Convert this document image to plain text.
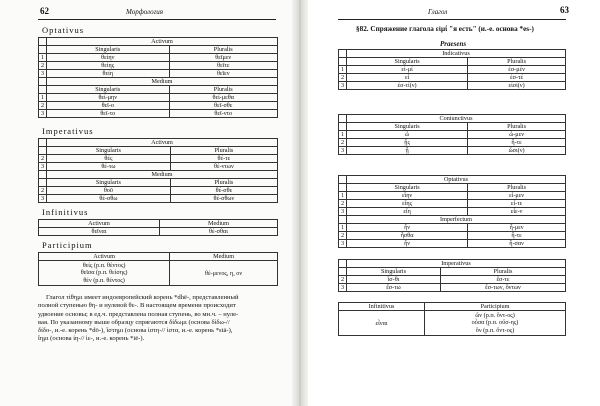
62	Морфология
Optativus
	Activum	
	Singularis	Pluralis
1	θείην	θεῖμεν
2	θείης	θεῖτε
3	θείη	θεῖεν
	Medium	
	Singularis	Pluralis
1	θεί-μην	θεί-μεθα
2	θεῖ-ο	θεῖ-σθε
3	θεῖ-το	θεῖ-ντο
Imperativus
	Activum	
	Singularis	Pluralis
2	θές	θέ-τε
3	θέ-τω	θέ-ντων
	Medium	
	Singularis	Pluralis
2	θοῦ	θέ-σθε
3	θέ-σθω	θέ-σθων
Infinitivus
Activum	Medium
θεῖναι	θέ-σθαι
Participium
Activum	Medium

θείς (р.п. θέντος)
θεῖσα (р.п. θείσης)
θέν (р.п. θέντος)	θέ-μενος, η, ον
Глагол τίθημι имеет индоевропейский корень *dhē-, представленный
полной ступенью θη- и нулевой θε-. В настоящем времени происходит
удвоение основы; в ед.ч. представлена полная ступень, во мн.ч. – нуле-
вая. По указанному выше образцу спрягаются δίδωμι (основа δίδω-//
δίδο-, и.-е. корень *dō-), ἵστημι (основа ἱστη-// ἱστα, и.-е. корень *stā-),
ἵημι (основа ἱη-// ἱε-, и.-е. корень *iē-).
Глагол	63
§82. Спряжение глагола εἰμί "я есть" (и.-е. основа *es-)
Praesens
	Indicativus	
	Singularis	Pluralis
1	εἰ-μί	ἐσ-μέν
2	εἶ	ἐσ-τέ
3	ἐσ-τί(ν)	εἰσί(ν)
	Coniunctivus	
	Singularis	Pluralis
1	ὦ	ὦ-μεν
2	ᾖς	ἦ-τε
3	ᾖ	ὦσι(ν)
	Optativus	
	Singularis	Pluralis
1	εἴην	εἶ-μεν
2	εἴης	εἶ-τε
3	εἴη	εἶε-ν
	Imperfectum	
1	ἦν	ἦ-μεν
2	ἦσθα	ἦ-τε
3	ἦν	ἦ-σαν
	Imperativus	
	Singularis	Pluralis
2	ἴσ-θι	ἔσ-τε
3	ἔσ-τω	ἔσ-των, ὄντων
Infinitivus	Participium
εἶναι	ὤν (р.п. ὄντ-ος)
οὖσα (р.п. οὔσ-ης)
ὄν (р.п. ὄντ-ος)
